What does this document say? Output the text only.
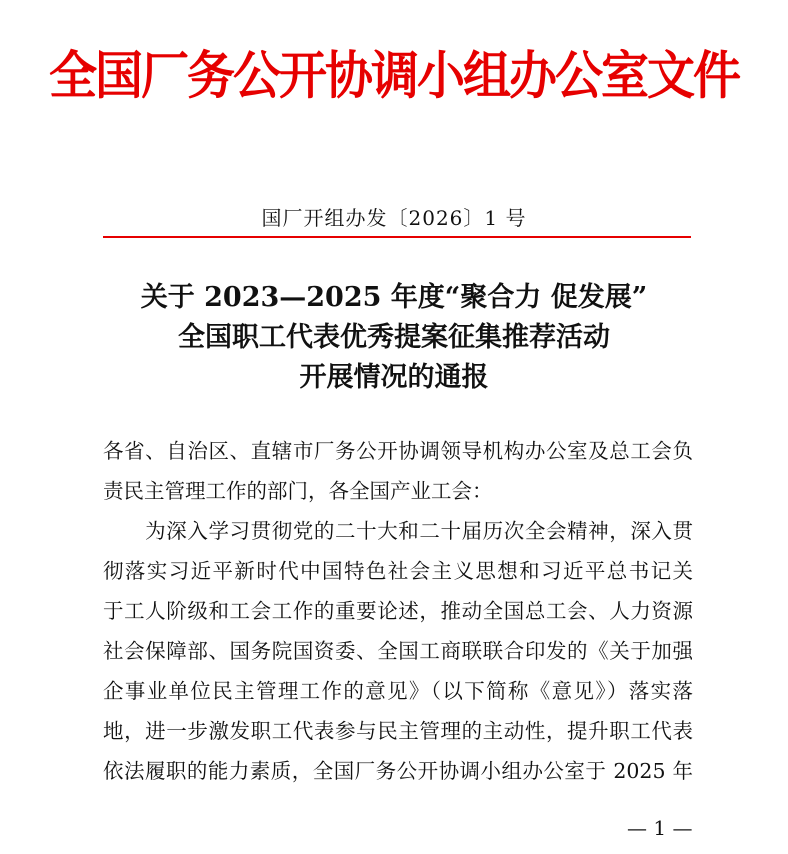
全国厂务公开协调小组办公室文件
国厂开组办发〔2026〕1 号
关于 2023—2025 年度“聚合力 促发展”
全国职工代表优秀提案征集推荐活动
开展情况的通报
各省、自治区、直辖市厂务公开协调领导机构办公室及总工会负
责民主管理工作的部门，各全国产业工会：
　　为深入学习贯彻党的二十大和二十届历次全会精神，深入贯
彻落实习近平新时代中国特色社会主义思想和习近平总书记关
于工人阶级和工会工作的重要论述，推动全国总工会、人力资源
社会保障部、国务院国资委、全国工商联联合印发的《关于加强
企事业单位民主管理工作的意见》（以下简称《意见》）落实落
地，进一步激发职工代表参与民主管理的主动性，提升职工代表
依法履职的能力素质，全国厂务公开协调小组办公室于 2025 年
— 1 —
